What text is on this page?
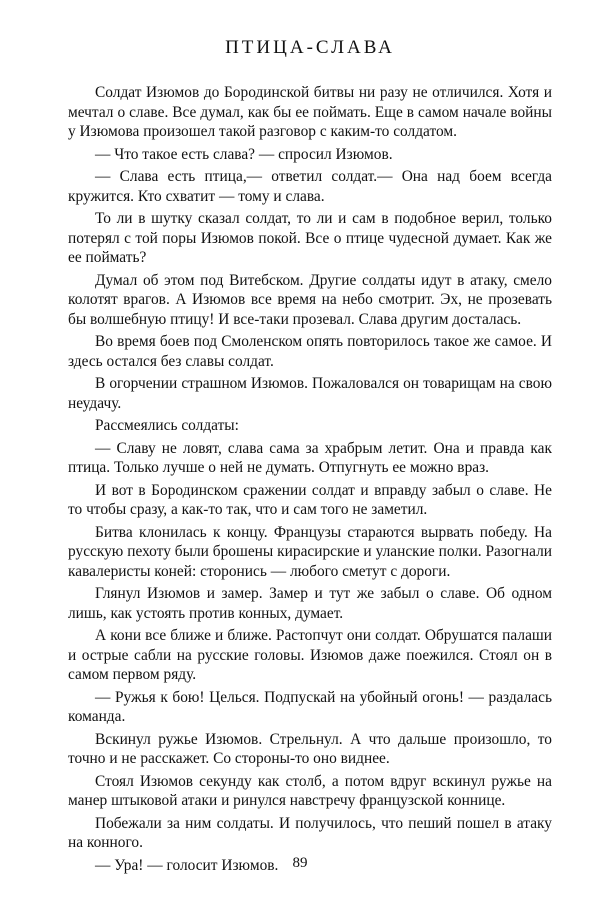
ПТИЦА-СЛАВА

Солдат Изюмов до Бородинской битвы ни разу не отличился. Хотя и мечтал о славе. Все думал, как бы ее поймать. Еще в самом начале войны у Изюмова произошел такой разговор с каким-то солдатом.

— Что такое есть слава? — спросил Изюмов.

— Слава есть птица,— ответил солдат.— Она над боем всегда кружится. Кто схватит — тому и слава.

То ли в шутку сказал солдат, то ли и сам в подобное верил, только потерял с той поры Изюмов покой. Все о птице чудесной думает. Как же ее поймать?

Думал об этом под Витебском. Другие солдаты идут в атаку, смело колотят врагов. А Изюмов все время на небо смотрит. Эх, не прозевать бы волшебную птицу! И все-таки прозевал. Слава другим досталась.

Во время боев под Смоленском опять повторилось такое же самое. И здесь остался без славы солдат.

В огорчении страшном Изюмов. Пожаловался он товарищам на свою неудачу.

Рассмеялись солдаты:

— Славу не ловят, слава сама за храбрым летит. Она и правда как птица. Только лучше о ней не думать. Отпугнуть ее можно враз.

И вот в Бородинском сражении солдат и вправду забыл о славе. Не то чтобы сразу, а как-то так, что и сам того не заметил.

Битва клонилась к концу. Французы стараются вырвать победу. На русскую пехоту были брошены кирасирские и уланские полки. Разогнали кавалеристы коней: сторонись — любого сметут с дороги.

Глянул Изюмов и замер. Замер и тут же забыл о славе. Об одном лишь, как устоять против конных, думает.

А кони все ближе и ближе. Растопчут они солдат. Обрушатся палаши и острые сабли на русские головы. Изюмов даже поежился. Стоял он в самом первом ряду.

— Ружья к бою! Целься. Подпускай на убойный огонь! — раздалась команда.

Вскинул ружье Изюмов. Стрельнул. А что дальше произошло, то точно и не расскажет. Со стороны-то оно виднее.

Стоял Изюмов секунду как столб, а потом вдруг вскинул ружье на манер штыковой атаки и ринулся навстречу французской коннице.

Побежали за ним солдаты. И получилось, что пеший пошел в атаку на конного.

— Ура! — голосит Изюмов. 89
